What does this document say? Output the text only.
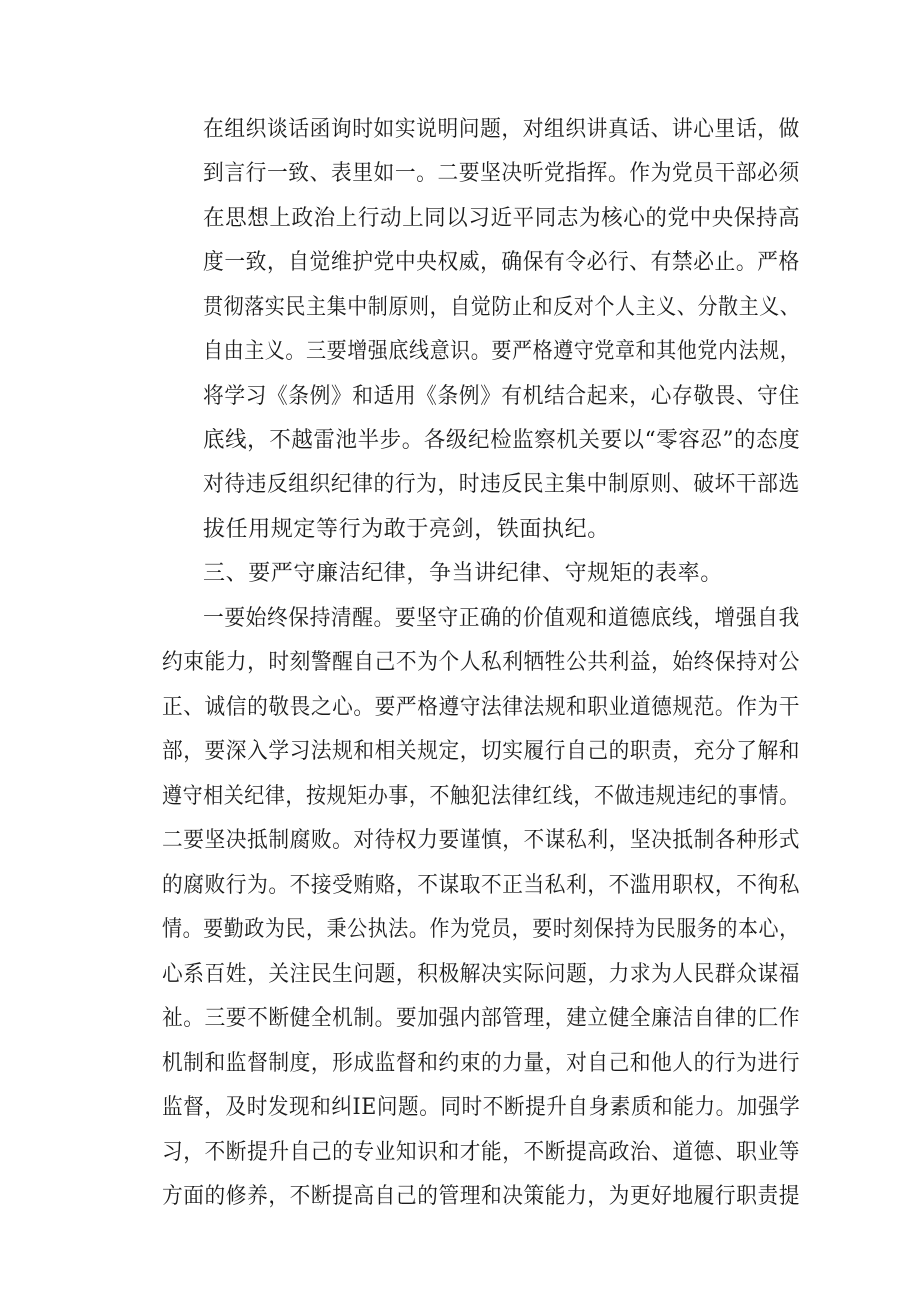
在组织谈话函询时如实说明问题，对组织讲真话、讲心里话，做
到言行一致、表里如一。二要坚决听党指挥。作为党员干部必须
在思想上政治上行动上同以习近平同志为核心的党中央保持高
度一致，自觉维护党中央权威，确保有令必行、有禁必止。严格
贯彻落实民主集中制原则，自觉防止和反对个人主义、分散主义、
自由主义。三要增强底线意识。要严格遵守党章和其他党内法规，
将学习《条例》和适用《条例》有机结合起来，心存敬畏、守住
底线，不越雷池半步。各级纪检监察机关要以“零容忍”的态度
对待违反组织纪律的行为，时违反民主集中制原则、破坏干部选
拔任用规定等行为敢于亮剑，铁面执纪。
三、要严守廉洁纪律，争当讲纪律、守规矩的表率。
一要始终保持清醒。要坚守正确的价值观和道德底线，增强自我
约束能力，时刻警醒自己不为个人私利牺牲公共利益，始终保持对公
正、诚信的敬畏之心。要严格遵守法律法规和职业道德规范。作为干
部，要深入学习法规和相关规定，切实履行自己的职责，充分了解和
遵守相关纪律，按规矩办事，不触犯法律红线，不做违规违纪的事情。
二要坚决抵制腐败。对待权力要谨慎，不谋私利，坚决抵制各种形式
的腐败行为。不接受贿赂，不谋取不正当私利，不滥用职权，不徇私
情。要勤政为民，秉公执法。作为党员，要时刻保持为民服务的本心，
心系百姓，关注民生问题，积极解决实际问题，力求为人民群众谋福
祉。三要不断健全机制。要加强内部管理，建立健全廉洁自律的匚作
机制和监督制度，形成监督和约束的力量，对自己和他人的行为进行
监督，及时发现和纠IE问题。同时不断提升自身素质和能力。加强学
习，不断提升自己的专业知识和才能，不断提高政治、道德、职业等
方面的修养，不断提高自己的管理和决策能力，为更好地履行职责提
